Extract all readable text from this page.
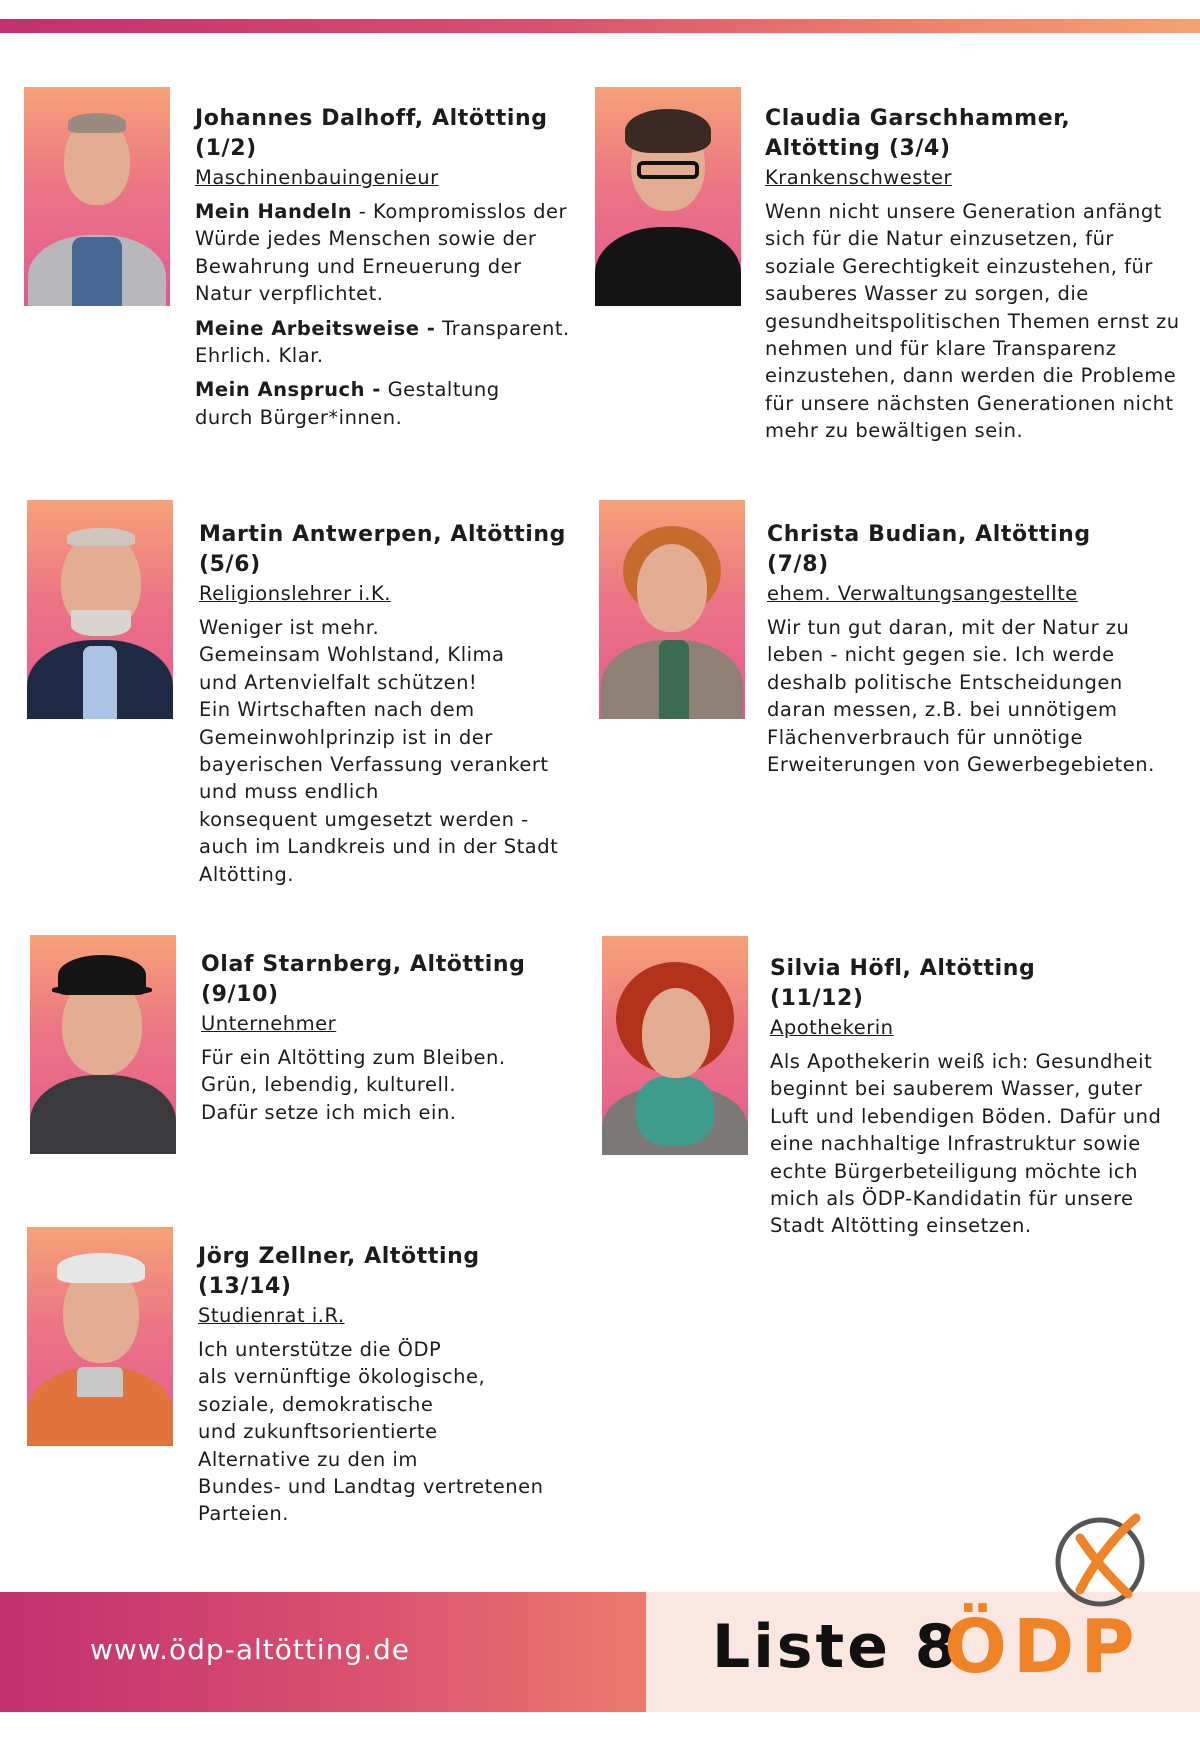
Johannes Dalhoff, Altötting
(1/2)

Maschinenbauingenieur

Mein Handeln - Kompromisslos der Würde jedes Menschen sowie der Bewahrung und Erneuerung der Natur verpflichtet.

Meine Arbeitsweise - Transparent. Ehrlich. Klar.

Mein Anspruch - Gestaltung durch Bürger*innen.

Claudia Garschhammer,
Altötting (3/4)

Krankenschwester

Wenn nicht unsere Generation anfängt sich für die Natur einzusetzen, für soziale Gerechtigkeit einzustehen, für sauberes Wasser zu sorgen, die gesundheitspolitischen Themen ernst zu nehmen und für klare Transparenz einzustehen, dann werden die Probleme für unsere nächsten Generationen nicht mehr zu bewältigen sein.

Martin Antwerpen, Altötting
(5/6)

Religionslehrer i.K.

Weniger ist mehr.
Gemeinsam Wohlstand, Klima
und Artenvielfalt schützen!
Ein Wirtschaften nach dem
Gemeinwohlprinzip ist in der
bayerischen Verfassung verankert
und muss endlich
konsequent umgesetzt werden -
auch im Landkreis und in der Stadt
Altötting.

Christa Budian, Altötting
(7/8)

ehem. Verwaltungsangestellte

Wir tun gut daran, mit der Natur zu leben - nicht gegen sie. Ich werde deshalb politische Entscheidungen daran messen, z.B. bei unnötigem Flächenverbrauch für unnötige Erweiterungen von Gewerbegebieten.

Olaf Starnberg, Altötting
(9/10)

Unternehmer

Für ein Altötting zum Bleiben.
Grün, lebendig, kulturell.
Dafür setze ich mich ein.

Silvia Höfl, Altötting
(11/12)

Apothekerin

Als Apothekerin weiß ich: Gesundheit beginnt bei sauberem Wasser, guter Luft und lebendigen Böden. Dafür und eine nachhaltige Infrastruktur sowie echte Bürgerbeteiligung möchte ich mich als ÖDP-Kandidatin für unsere Stadt Altötting einsetzen.

Jörg Zellner, Altötting
(13/14)

Studienrat i.R.

Ich unterstütze die ÖDP
als vernünftige ökologische,
soziale, demokratische
und zukunftsorientierte
Alternative zu den im
Bundes- und Landtag vertretenen
Parteien.

www.ödp-altötting.de	Liste 8
ÖDP
